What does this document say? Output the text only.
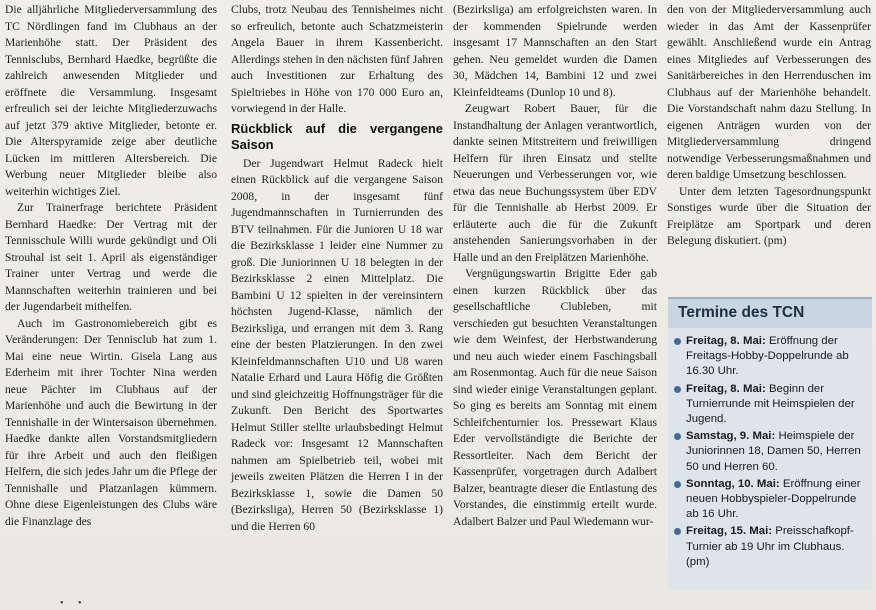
Die alljährliche Mitgliederversammlung des TC Nördlingen fand im Clubhaus an der Marienhöhe statt. Der Präsident des Tennisclubs, Bernhard Haedke, begrüßte die zahlreich anwesenden Mitglieder und eröffnete die Versammlung. Insgesamt erfreulich sei der leichte Mitgliederzuwachs auf jetzt 379 aktive Mitglieder, betonte er. Die Alterspyramide zeige aber deutliche Lücken im mittleren Altersbereich. Die Werbung neuer Mitglieder bleibe also weiterhin wichtiges Ziel.

Zur Trainerfrage berichtete Präsident Bernhard Haedke: Der Vertrag mit der Tennisschule Willi wurde gekündigt und Oli Strouhal ist seit 1. April als eigenständiger Trainer unter Vertrag und werde die Mannschaften weiterhin trainieren und bei der Jugendarbeit mithelfen.

Auch im Gastronomiebereich gibt es Veränderungen: Der Tennisclub hat zum 1. Mai eine neue Wirtin. Gisela Lang aus Ederheim mit ihrer Tochter Nina werden neue Pächter im Clubhaus auf der Marienhöhe und auch die Bewirtung in der Tennishalle in der Wintersaison übernehmen. Haedke dankte allen Vorstandsmitgliedern für ihre Arbeit und auch den fleißigen Helfern, die sich jedes Jahr um die Pflege der Tennishalle und Platzanlagen kümmern. Ohne diese Eigenleistungen des Clubs wäre die Finanzlage des

Clubs, trotz Neubau des Tennisheimes nicht so erfreulich, betonte auch Schatzmeisterin Angela Bauer in ihrem Kassenbericht. Allerdings stehen in den nächsten fünf Jahren auch Investitionen zur Erhaltung des Spieltriebes in Höhe von 170 000 Euro an, vorwiegend in der Halle.

Rückblick auf die vergangene Saison

Der Jugendwart Helmut Radeck hielt einen Rückblick auf die vergangene Saison 2008, in der insgesamt fünf Jugendmannschaften in Turnierrunden des BTV teilnahmen. Für die Junioren U 18 war die Bezirksklasse 1 leider eine Nummer zu groß. Die Juniorinnen U 18 belegten in der Bezirksklasse 2 einen Mittelplatz. Die Bambini U 12 spielten in der vereinsintern höchsten Jugend-Klasse, nämlich der Bezirksliga, und errangen mit dem 3. Rang eine der besten Platzierungen. In den zwei Kleinfeldmannschaften U10 und U8 waren Natalie Erhard und Laura Höfig die Größten und sind gleichzeitig Hoffnungsträger für die Zukunft. Den Bericht des Sportwartes Helmut Stiller stellte urlaubsbedingt Helmut Radeck vor: Insgesamt 12 Mannschaften nahmen am Spielbetrieb teil, wobei mit jeweils zweiten Plätzen die Herren I in der Bezirksklasse 1, sowie die Damen 50 (Bezirksliga), Herren 50 (Bezirksklasse 1) und die Herren 60

(Bezirksliga) am erfolgreichsten waren. In der kommenden Spielrunde werden insgesamt 17 Mannschaften an den Start gehen. Neu gemeldet wurden die Damen 30, Mädchen 14, Bambini 12 und zwei Kleinfeldteams (Dunlop 10 und 8).

Zeugwart Robert Bauer, für die Instandhaltung der Anlagen verantwortlich, dankte seinen Mitstreitern und freiwilligen Helfern für ihren Einsatz und stellte Neuerungen und Verbesserungen vor, wie etwa das neue Buchungssystem über EDV für die Tennishalle ab Herbst 2009. Er erläuterte auch die für die Zukunft anstehenden Sanierungsvorhaben in der Halle und an den Freiplätzen Marienhöhe.

Vergnügungswartin Brigitte Eder gab einen kurzen Rückblick über das gesellschaftliche Clubleben, mit verschieden gut besuchten Veranstaltungen wie dem Weinfest, der Herbstwanderung und neu auch wieder einem Faschingsball am Rosenmontag. Auch für die neue Saison sind wieder einige Veranstaltungen geplant. So ging es bereits am Sonntag mit einem Schleifchenturnier los. Pressewart Klaus Eder vervollständigte die Berichte der Ressortleiter. Nach dem Bericht der Kassenprüfer, vorgetragen durch Adalbert Balzer, beantragte dieser die Entlastung des Vorstandes, die einstimmig erteilt wurde. Adalbert Balzer und Paul Wiedemann wur-

den von der Mitgliederversammlung auch wieder in das Amt der Kassenprüfer gewählt. Anschließend wurde ein Antrag eines Mitgliedes auf Verbesserungen des Sanitärbereiches in den Herrenduschen im Clubhaus auf der Marienhöhe behandelt. Die Vorstandschaft nahm dazu Stellung. In eigenen Anträgen wurden von der Mitgliederversammlung dringend notwendige Verbesserungsmaßnahmen und deren baldige Umsetzung beschlossen.

Unter dem letzten Tagesordnungspunkt Sonstiges wurde über die Situation der Freiplätze am Sportpark und deren Belegung diskutiert. (pm)

Termine des TCN
Freitag, 8. Mai: Eröffnung der Freitags-Hobby-Doppelrunde ab 16.30 Uhr.
Freitag, 8. Mai: Beginn der Turnierrunde mit Heimspielen der Jugend.
Samstag, 9. Mai: Heimspiele der Juniorinnen 18, Damen 50, Herren 50 und Herren 60.
Sonntag, 10. Mai: Eröffnung einer neuen Hobbyspieler-Doppelrunde ab 16 Uhr.
Freitag, 15. Mai: Preisschafkopf-Turnier ab 19 Uhr im Clubhaus. (pm)
• •
